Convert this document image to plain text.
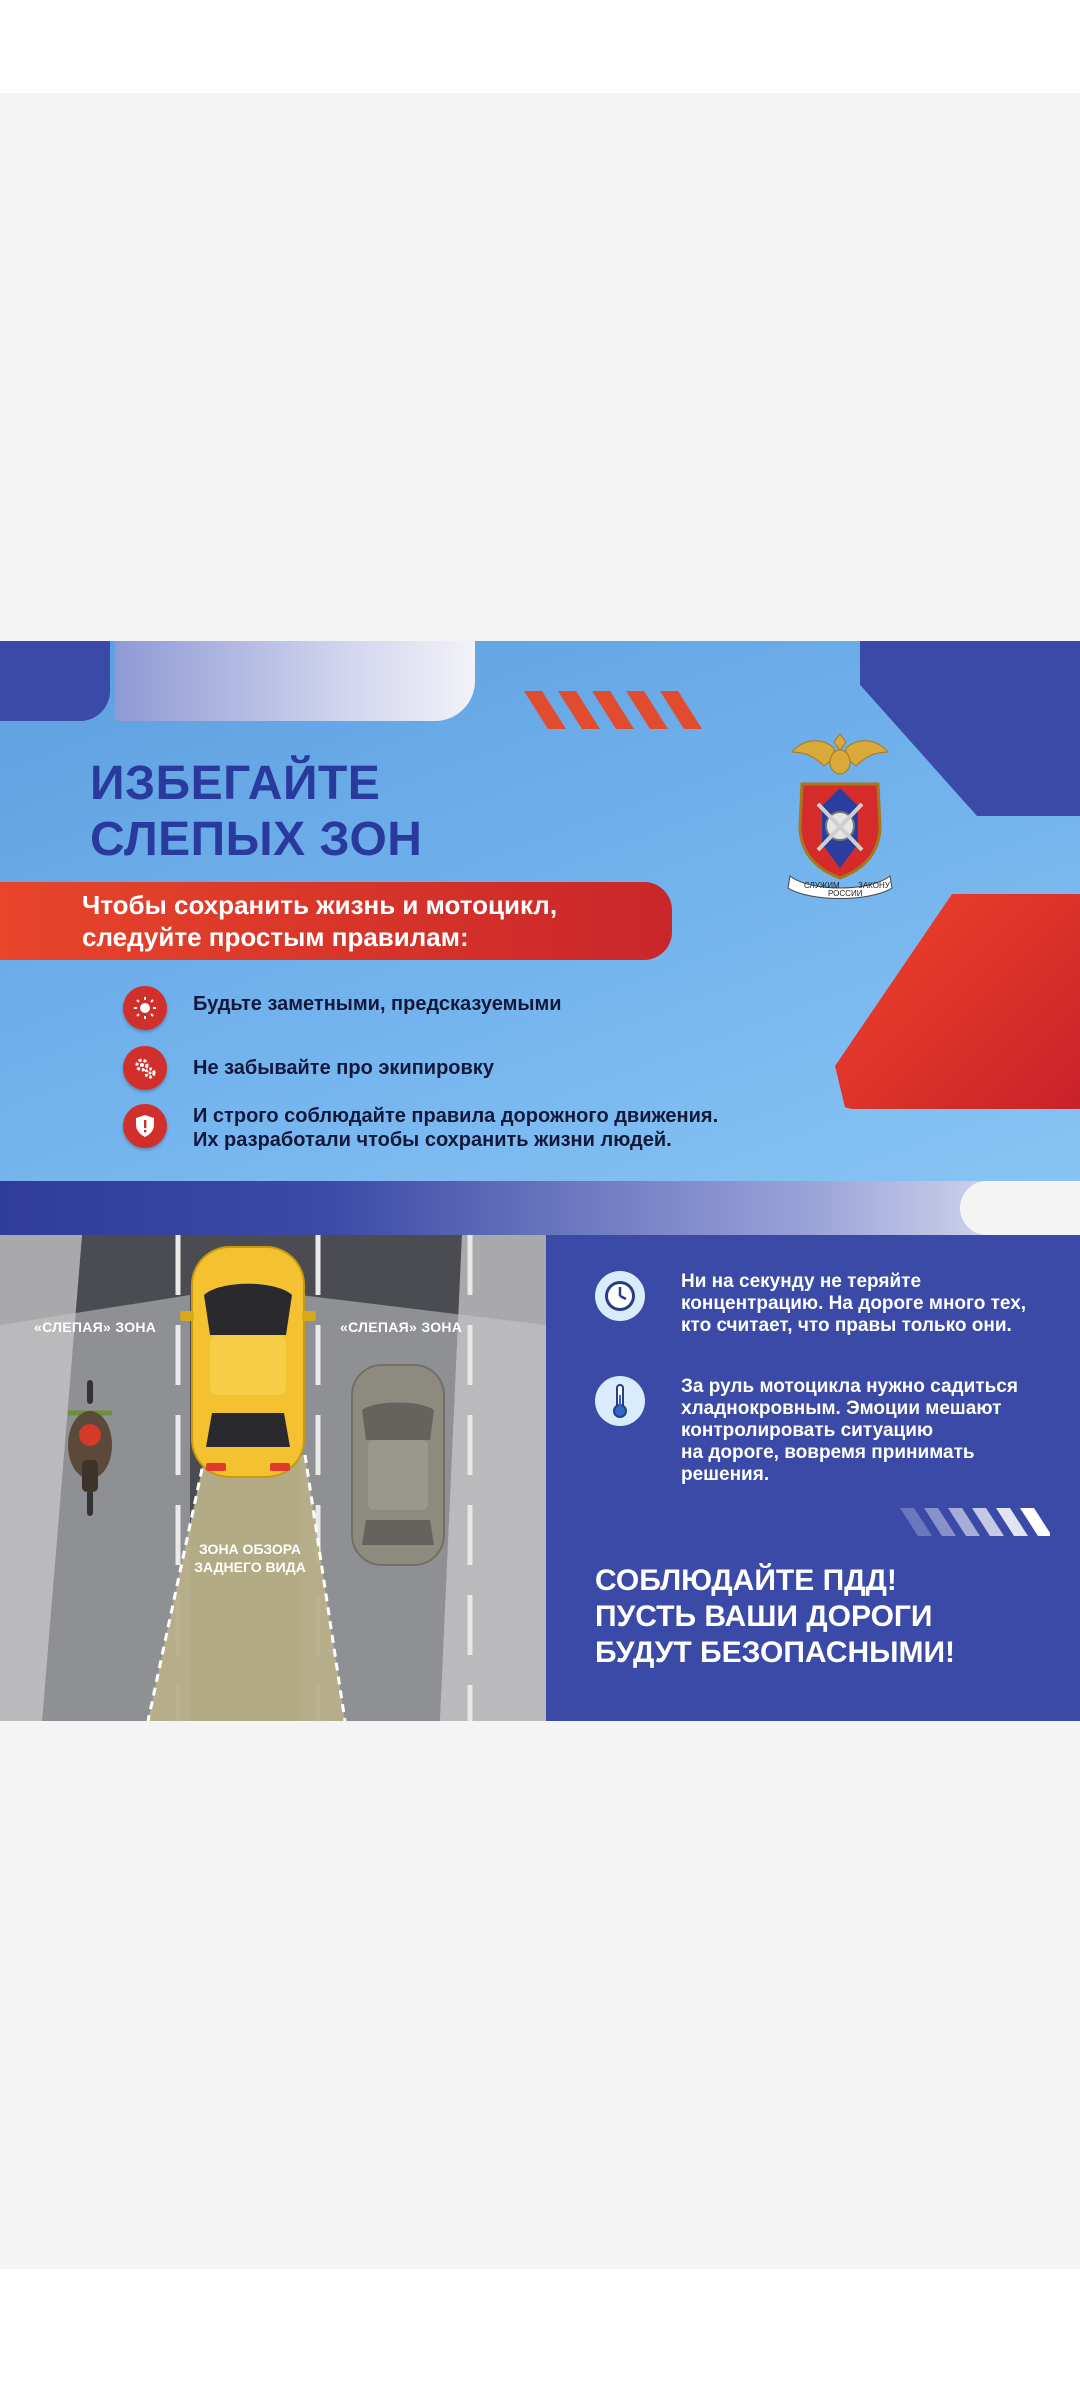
ИЗБЕГАЙТЕ
СЛЕПЫХ ЗОН
Чтобы сохранить жизнь и мотоцикл,
следуйте простым правилам:
Будьте заметными, предсказуемыми
Не забывайте про экипировку
И строго соблюдайте правила дорожного движения.
Их разработали чтобы сохранить жизни людей.
СЛУЖИМ
РОССИИ
ЗАКОНУ
«СЛЕПАЯ» ЗОНА	«СЛЕПАЯ» ЗОНА
ЗОНА ОБЗОРА
ЗАДНЕГО ВИДА
Ни на секунду не теряйте
концентрацию. На дороге много тех,
кто считает, что правы только они.
За руль мотоцикла нужно садиться
хладнокровным. Эмоции мешают
контролировать ситуацию
на дороге, вовремя принимать
решения.
СОБЛЮДАЙТЕ ПДД!
ПУСТЬ ВАШИ ДОРОГИ
БУДУТ БЕЗОПАСНЫМИ!
